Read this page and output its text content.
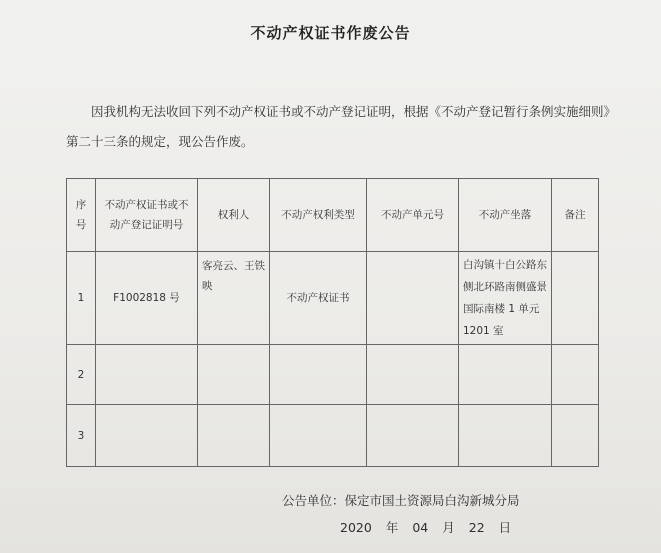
不动产权证书作废公告
因我机构无法收回下列不动产权证书或不动产登记证明，根据《不动产登记暂行条例实施细则》第二十三条的规定，现公告作废。
序号	不动产权证书或不动产登记证明号	权利人	不动产权利类型	不动产单元号	不动产坐落	备注
1	F1002818 号	客亮云、王铁映	不动产权证书		白沟镇十白公路东侧北环路南侧盛景国际南楼 1 单元 1201 室	
2						
3						
公告单位：保定市国土资源局白沟新城分局
2020 年 04 月 22 日
